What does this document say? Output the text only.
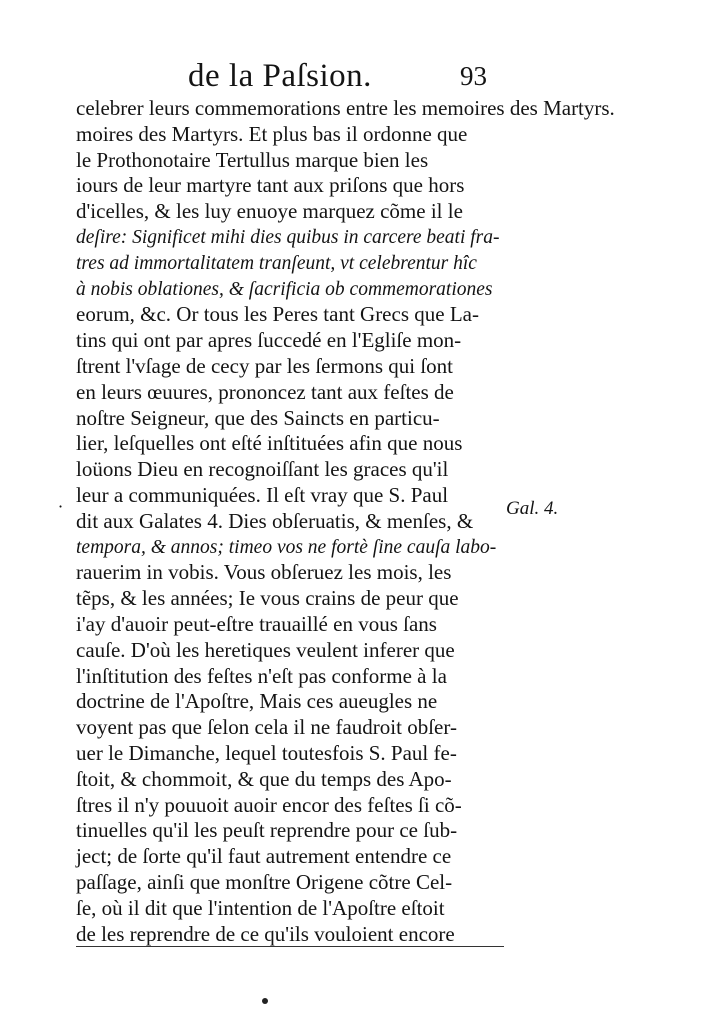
de la Paſsion.	93
·	Gal. 4.
celebrer leurs commemorations entre les memoires des Martyrs.
moires des Martyrs. Et plus bas il ordonne que
le Prothonotaire Tertullus marque bien les
iours de leur martyre tant aux priſons que hors
d'icelles, & les luy enuoye marquez cõme il le
deſire: Significet mihi dies quibus in carcere beati fra-
tres ad immortalitatem tranſeunt, vt celebrentur hîc
à nobis oblationes, & ſacrificia ob commemorationes
eorum, &c. Or tous les Peres tant Grecs que La-
tins qui ont par apres ſuccedé en l'Egliſe mon-
ſtrent l'vſage de cecy par les ſermons qui ſont
en leurs œuures, prononcez tant aux feſtes de
noſtre Seigneur, que des Saincts en particu-
lier, leſquelles ont eſté inſtituées afin que nous
loüons Dieu en recognoiſſant les graces qu'il
leur a communiquées. Il eſt vray que S. Paul
dit aux Galates 4. Dies obſeruatis, & menſes, &
tempora, & annos; timeo vos ne fortè ſine cauſa labo-
rauerim in vobis. Vous obſeruez les mois, les
tẽps, & les années; Ie vous crains de peur que
i'ay d'auoir peut-eſtre trauaillé en vous ſans
cauſe. D'où les heretiques veulent inferer que
l'inſtitution des feſtes n'eſt pas conforme à la
doctrine de l'Apoſtre, Mais ces aueugles ne
voyent pas que ſelon cela il ne faudroit obſer-
uer le Dimanche, lequel toutesfois S. Paul fe-
ſtoit, & chommoit, & que du temps des Apo-
ſtres il n'y pouuoit auoir encor des feſtes ſi cõ-
tinuelles qu'il les peuſt reprendre pour ce ſub-
ject; de ſorte qu'il faut autrement entendre ce
paſſage, ainſi que monſtre Origene cõtre Cel-
ſe, où il dit que l'intention de l'Apoſtre eſtoit
de les reprendre de ce qu'ils vouloient encore
